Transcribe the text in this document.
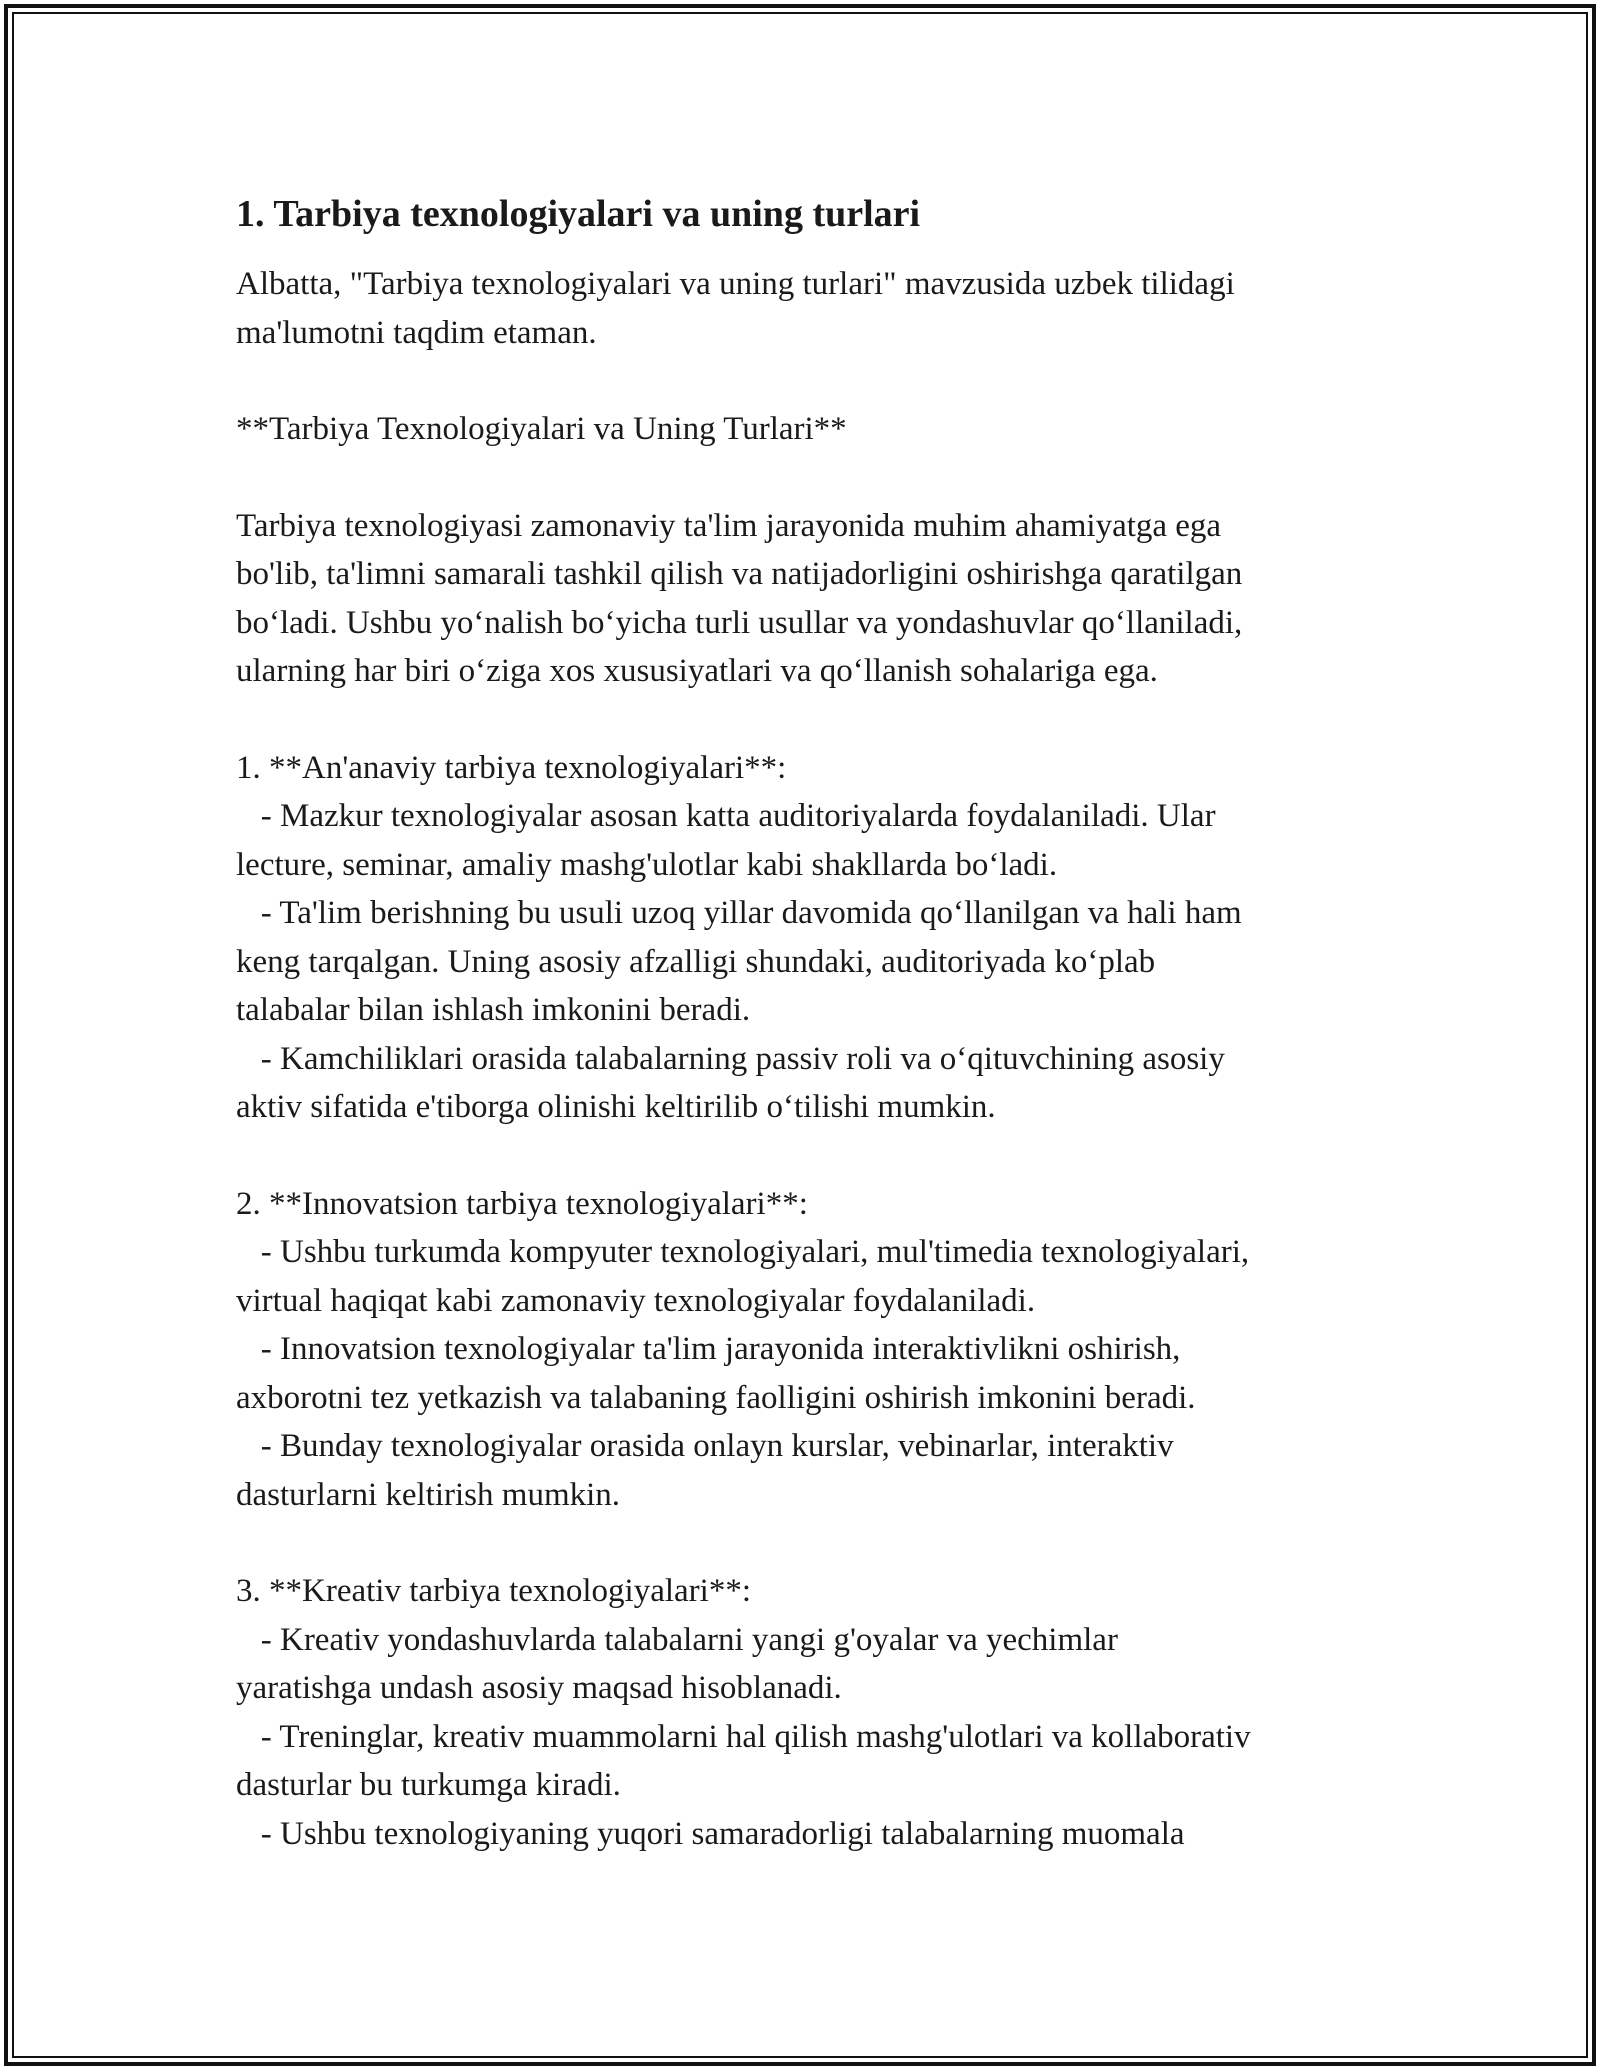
1. Tarbiya texnologiyalari va uning turlari

Albatta, "Tarbiya texnologiyalari va uning turlari" mavzusida uzbek tilidagi
ma'lumotni taqdim etaman.

**Tarbiya Texnologiyalari va Uning Turlari**

Tarbiya texnologiyasi zamonaviy ta'lim jarayonida muhim ahamiyatga ega
bo'lib, ta'limni samarali tashkil qilish va natijadorligini oshirishga qaratilgan
bo‘ladi. Ushbu yo‘nalish bo‘yicha turli usullar va yondashuvlar qo‘llaniladi,
ularning har biri o‘ziga xos xususiyatlari va qo‘llanish sohalariga ega.

1. **An'anaviy tarbiya texnologiyalari**:
- Mazkur texnologiyalar asosan katta auditoriyalarda foydalaniladi. Ular
lecture, seminar, amaliy mashg'ulotlar kabi shakllarda bo‘ladi.
- Ta'lim berishning bu usuli uzoq yillar davomida qo‘llanilgan va hali ham
keng tarqalgan. Uning asosiy afzalligi shundaki, auditoriyada ko‘plab
talabalar bilan ishlash imkonini beradi.
- Kamchiliklari orasida talabalarning passiv roli va o‘qituvchining asosiy
aktiv sifatida e'tiborga olinishi keltirilib o‘tilishi mumkin.

2. **Innovatsion tarbiya texnologiyalari**:
- Ushbu turkumda kompyuter texnologiyalari, mul'timedia texnologiyalari,
virtual haqiqat kabi zamonaviy texnologiyalar foydalaniladi.
- Innovatsion texnologiyalar ta'lim jarayonida interaktivlikni oshirish,
axborotni tez yetkazish va talabaning faolligini oshirish imkonini beradi.
- Bunday texnologiyalar orasida onlayn kurslar, vebinarlar, interaktiv
dasturlarni keltirish mumkin.

3. **Kreativ tarbiya texnologiyalari**:
- Kreativ yondashuvlarda talabalarni yangi g'oyalar va yechimlar
yaratishga undash asosiy maqsad hisoblanadi.
- Treninglar, kreativ muammolarni hal qilish mashg'ulotlari va kollaborativ
dasturlar bu turkumga kiradi.
- Ushbu texnologiyaning yuqori samaradorligi talabalarning muomala
